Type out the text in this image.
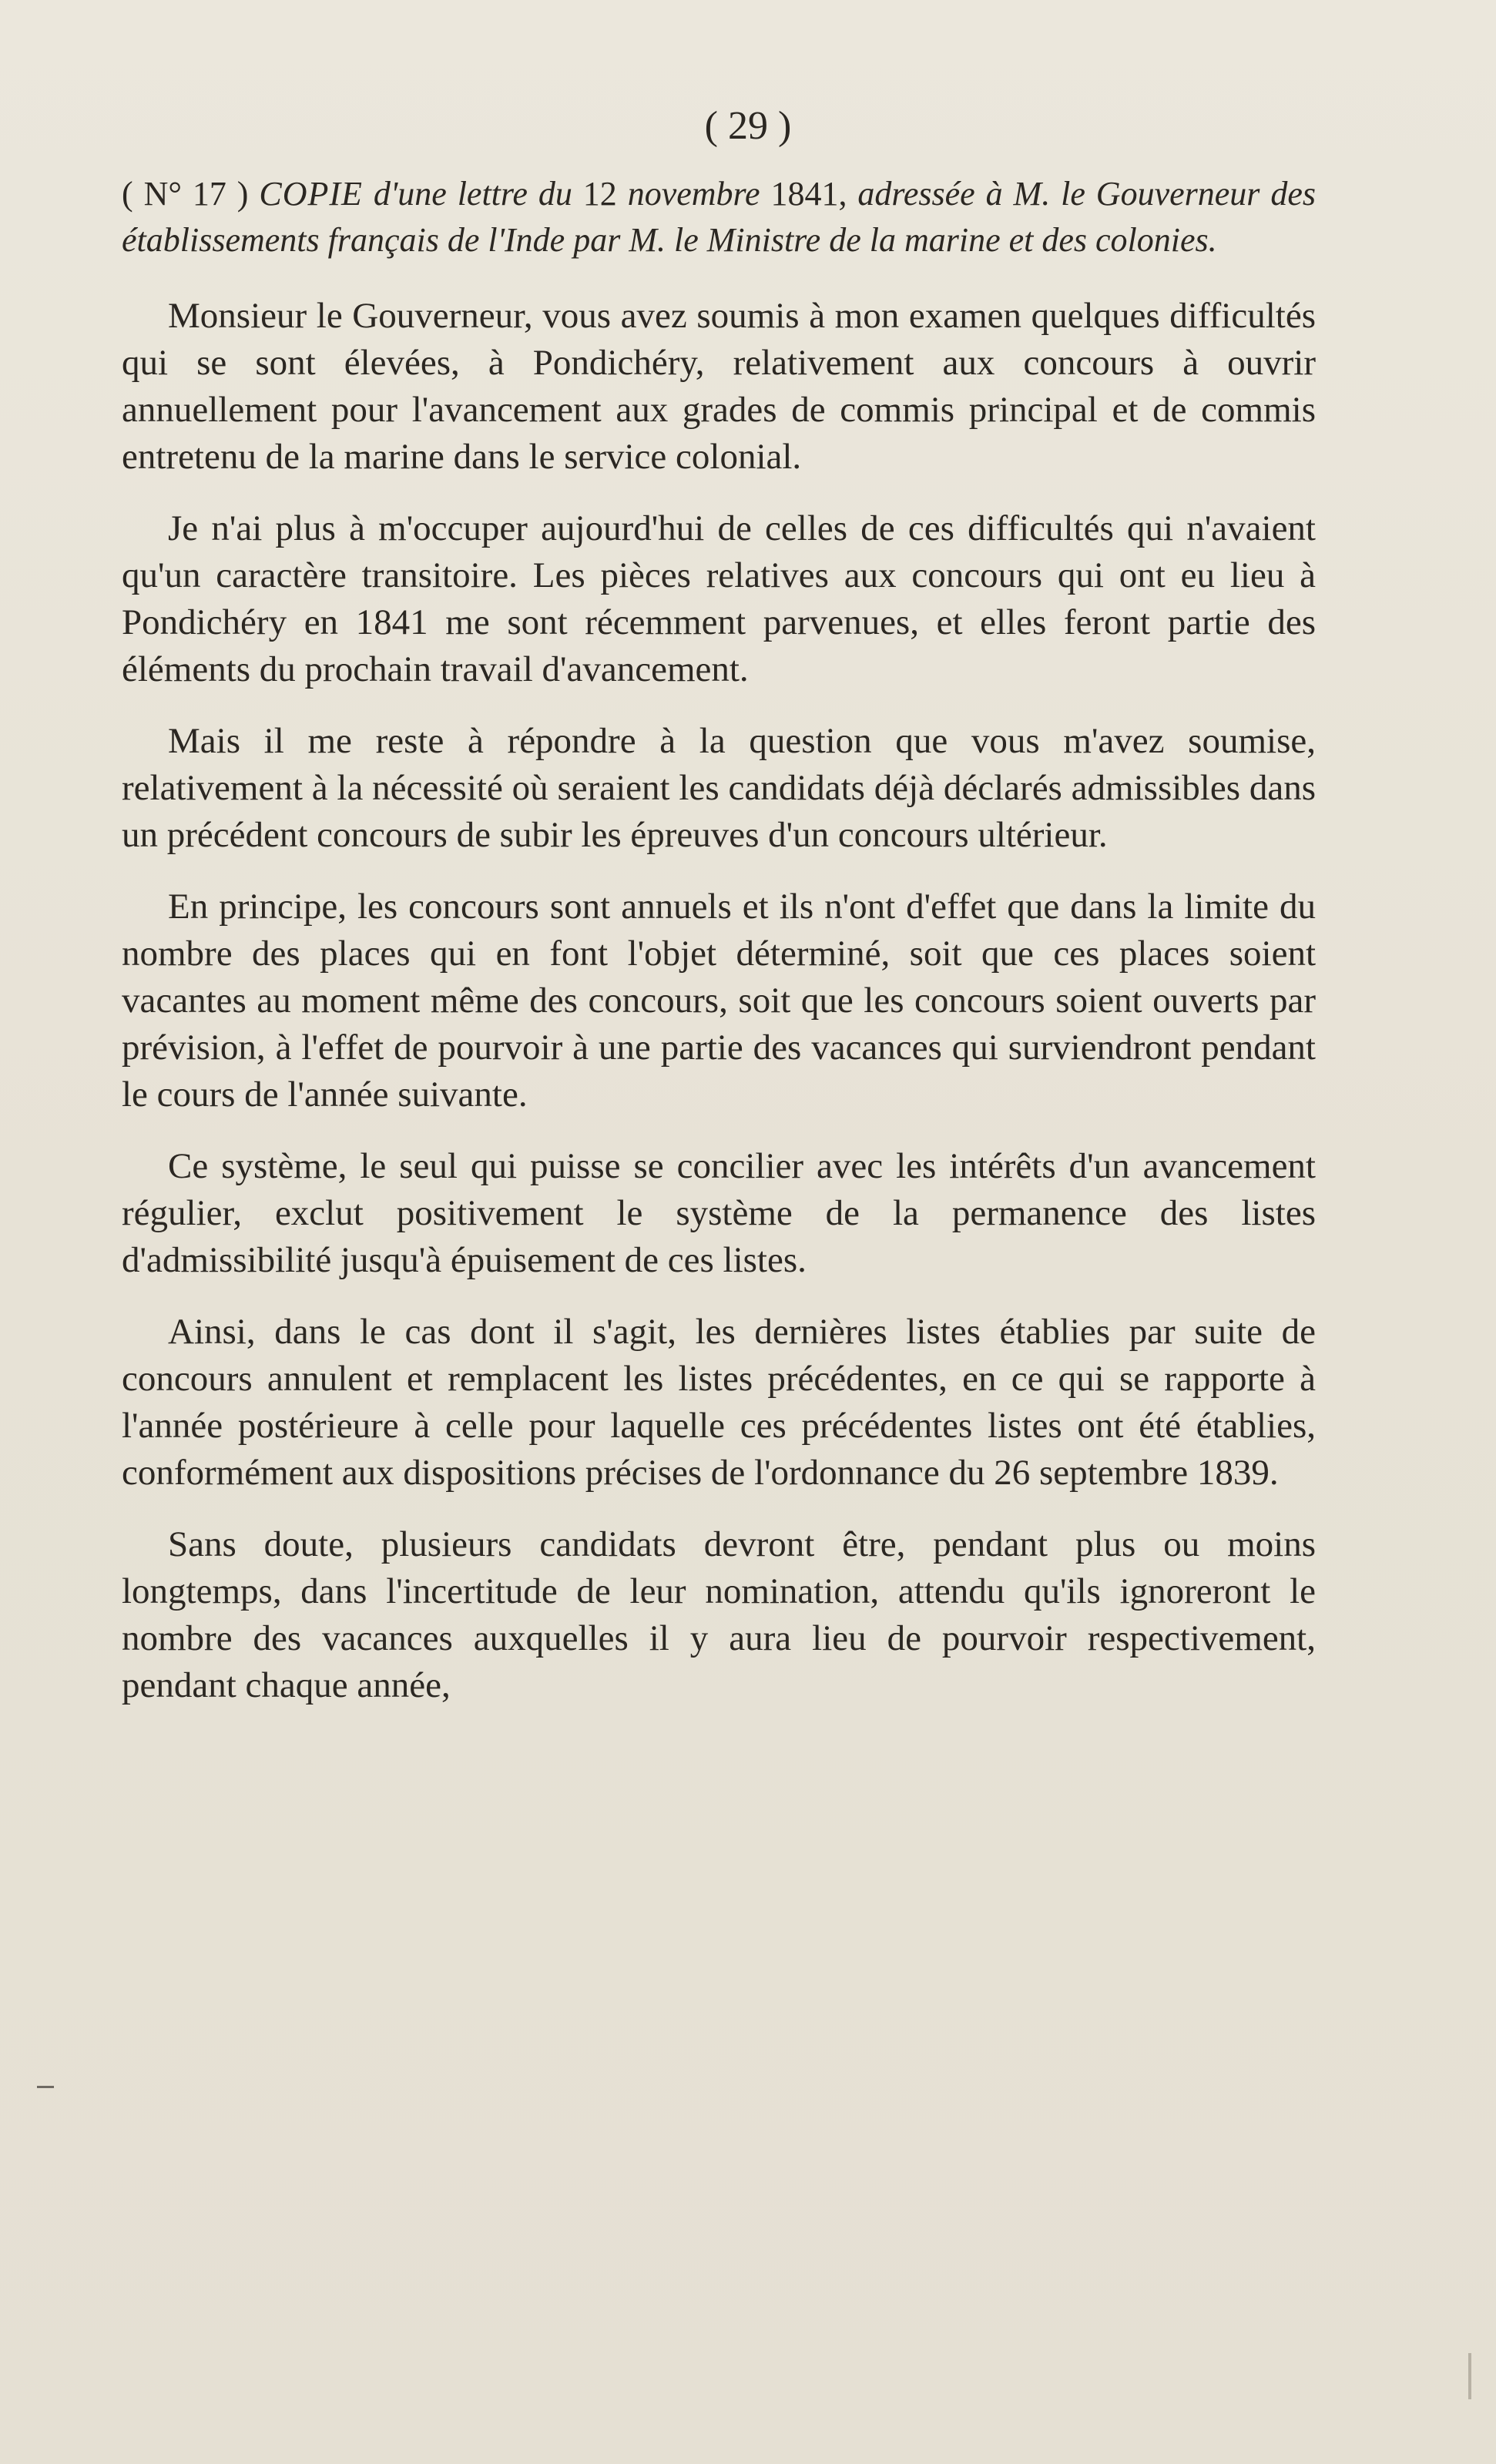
( 29 )

( N° 17 ) COPIE d'une lettre du 12 novembre 1841, adressée à M. le Gouverneur des établissements français de l'Inde par M. le Ministre de la marine et des colonies.

Monsieur le Gouverneur, vous avez soumis à mon examen quelques difficultés qui se sont élevées, à Pondichéry, relativement aux concours à ouvrir annuellement pour l'avancement aux grades de commis principal et de commis entretenu de la marine dans le service colonial.

Je n'ai plus à m'occuper aujourd'hui de celles de ces difficultés qui n'avaient qu'un caractère transitoire. Les pièces relatives aux concours qui ont eu lieu à Pondichéry en 1841 me sont récemment parvenues, et elles feront partie des éléments du prochain travail d'avancement.

Mais il me reste à répondre à la question que vous m'avez soumise, relativement à la nécessité où seraient les candidats déjà déclarés admissibles dans un précédent concours de subir les épreuves d'un concours ultérieur.

En principe, les concours sont annuels et ils n'ont d'effet que dans la limite du nombre des places qui en font l'objet déterminé, soit que ces places soient vacantes au moment même des concours, soit que les concours soient ouverts par prévision, à l'effet de pourvoir à une partie des vacances qui surviendront pendant le cours de l'année suivante.

Ce système, le seul qui puisse se concilier avec les intérêts d'un avancement régulier, exclut positivement le système de la permanence des listes d'admissibilité jusqu'à épuisement de ces listes.

Ainsi, dans le cas dont il s'agit, les dernières listes établies par suite de concours annulent et remplacent les listes précédentes, en ce qui se rapporte à l'année postérieure à celle pour laquelle ces précédentes listes ont été établies, conformément aux dispositions précises de l'ordonnance du 26 septembre 1839.

Sans doute, plusieurs candidats devront être, pendant plus ou moins longtemps, dans l'incertitude de leur nomination, attendu qu'ils ignoreront le nombre des vacances auxquelles il y aura lieu de pourvoir respectivement, pendant chaque année,
